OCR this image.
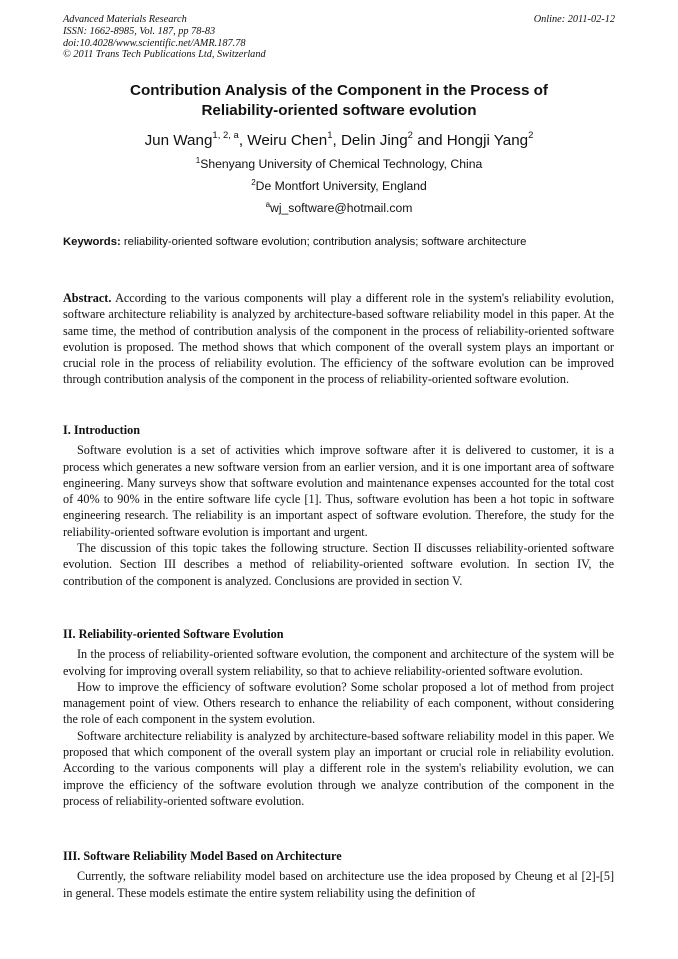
Advanced Materials Research
ISSN: 1662-8985, Vol. 187, pp 78-83
doi:10.4028/www.scientific.net/AMR.187.78
© 2011 Trans Tech Publications Ltd, Switzerland
Online: 2011-02-12
Contribution Analysis of the Component in the Process of
Reliability-oriented software evolution
Jun Wang$^{1, 2, a}$, Weiru Chen$^1$, Delin Jing$^2$ and Hongji Yang$^2$
$^1$Shenyang University of Chemical Technology, China
$^2$De Montfort University, England
$^a$wj_software@hotmail.com
Keywords: reliability-oriented software evolution; contribution analysis; software architecture

Abstract. According to the various components will play a different role in the system's reliability evolution, software architecture reliability is analyzed by architecture-based software reliability model in this paper. At the same time, the method of contribution analysis of the component in the process of reliability-oriented software evolution is proposed. The method shows that which component of the overall system plays an important or crucial role in the process of reliability evolution. The efficiency of the software evolution can be improved through contribution analysis of the component in the process of reliability-oriented software evolution.

I. Introduction

Software evolution is a set of activities which improve software after it is delivered to customer, it is a process which generates a new software version from an earlier version, and it is one important area of software engineering. Many surveys show that software evolution and maintenance expenses accounted for the total cost of 40% to 90% in the entire software life cycle [1]. Thus, software evolution has been a hot topic in software engineering research. The reliability is an important aspect of software evolution. Therefore, the study for the reliability-oriented software evolution is important and urgent.

The discussion of this topic takes the following structure. Section II discusses reliability-oriented software evolution. Section III describes a method of reliability-oriented software evolution. In section IV, the contribution of the component is analyzed. Conclusions are provided in section V.

II. Reliability-oriented Software Evolution

In the process of reliability-oriented software evolution, the component and architecture of the system will be evolving for improving overall system reliability, so that to achieve reliability-oriented software evolution.

How to improve the efficiency of software evolution? Some scholar proposed a lot of method from project management point of view. Others research to enhance the reliability of each component, without considering the role of each component in the system evolution.

Software architecture reliability is analyzed by architecture-based software reliability model in this paper. We proposed that which component of the overall system play an important or crucial role in reliability evolution. According to the various components will play a different role in the system's reliability evolution, we can improve the efficiency of the software evolution through we analyze contribution of the component in the process of reliability-oriented software evolution.

III. Software Reliability Model Based on Architecture

Currently, the software reliability model based on architecture use the idea proposed by Cheung et al [2]-[5] in general. These models estimate the entire system reliability using the definition of
